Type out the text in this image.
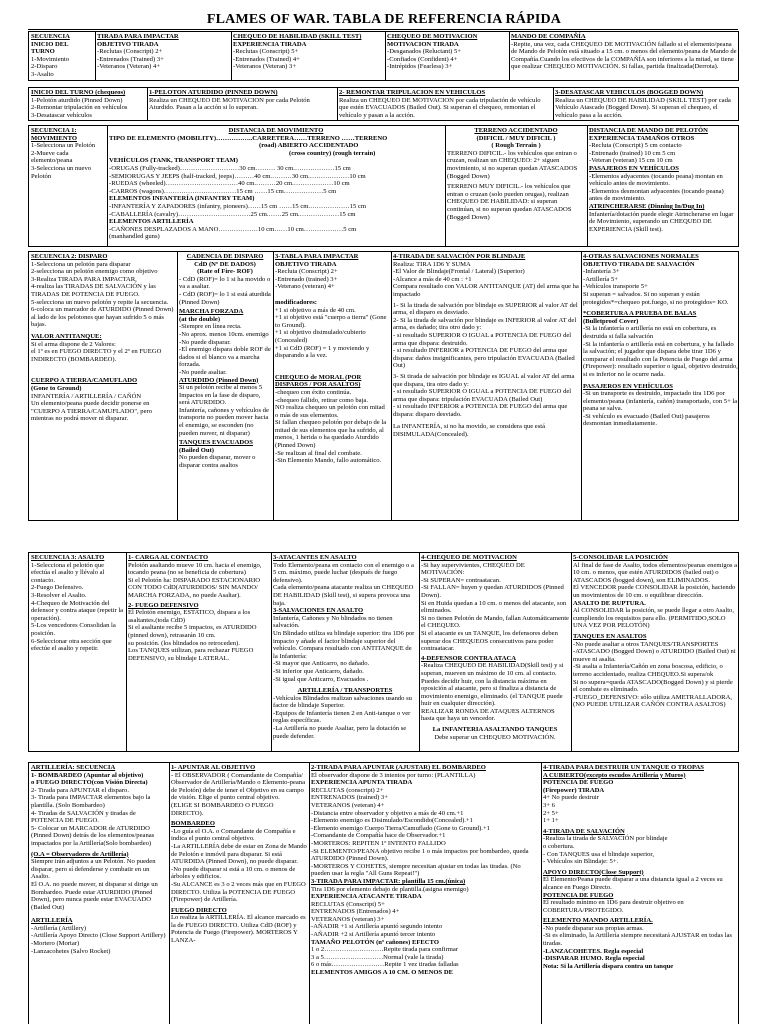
FLAMES OF WAR. TABLA DE REFERENCIA RÁPIDA
SECUENCIA
INICIO DEL
TURNO
1-Movimiento
2-Disparo
3-Asalto
TIRADA PARA IMPACTAR
OBJETIVO TIRADA
-Reclutas (Conscript) 2+
-Entrenados (Trained) 3+
-Veteranos (Veteran) 4+
CHEQUEO DE HABILIDAD (SKILL TEST)
EXPERIENCIA TIRADA
-Reclutas (Conscript) 5+
-Entrenados (Trained) 4+
-Veteranos (Veteran) 3+
CHEQUEO DE MOTIVACION
MOTIVACION TIRADA
-Desganados (Reluctant) 5+
-Confiados (Confident) 4+
-Intrépidos (Fearless) 3+
MANDO DE COMPAÑÍA
-Repite, una vez, cada CHEQUEO DE MOTIVACIÓN fallado si el elemento/peana de Mando de Pelotón está situado a 15 cm. o menos del elemento/peana de Mando de Compañía.Cuando los efectivos de la COMPAÑÍA son inferiores a la mitad, se tiene que realizar CHEQUEO MOTIVACIÓN. Si fallas, partida finalizada(Derrota).
INICIO DEL TURNO (chequeos)
1-Pelotón aturdido (Pinned Down)
2-Remontar tripulación en vehículos
3-Desatascar vehículos
1-PELOTON ATURDIDO (PINNED DOWN)
Realiza un CHEQUEO DE MOTIVACION por cada Pelotón Aturdido. Pasan a la acción si lo superan.
2- REMONTAR TRIPULACION EN VEHICULOS
Realiza un CHEQUEO DE MOTIVACION por cada tripulación de vehículo que estén EVACUADOS (Bailed Out). Si superan el chequeo, remontan el vehículo y pasan a la acción.
3-DESATASCAR VEHICULOS (BOGGED DOWN)
Realiza un CHEQUEO DE HABILIDAD (SKILL TEST) por cada Vehículo Atascado (Bogged Down). Si superan el chequeo, el vehículo pasa a la acción.
SECUENCIA 1:
MOVIMIENTO
1-Selecciona un Pelotón
2-Mueve cada elemento/peana
3-Selecciona un nuevo Pelotón
DISTANCIA DE MOVIMIENTO
TIPO DE ELEMENTO (MOBILITY)……………..CARRETERA……TERRENO ……TERRENO
(road) ABIERTO ACCIDENTADO
(cross country) (rough terrain)
VEHÍCULOS (TANK, TRANSPORT TEAM)
-ORUGAS (Fully-tracked)………………………30 cm……… 30 cm.………………15 cm
-SEMIORUGAS Y JEEPS (half-tracked, jeeps)………40 cm.………30 cm.………………10 cm
-RUEDAS (wheeled)……………………………40 cm.………20 cm.………………10 cm
-CARROS (wagons)……………………………15 cm ……15 cm………………5 cm
ELEMENTOS INFANTERÍA (INFANTRY TEAM)
-INFANTERÍA Y ZAPADORES (infantry, pioneers)……15 cm ……15 cm.………………15 cm
-CABALLERÍA (cavalry)……………………………25 cm.……25 cm.………………15 cm
ELEMENTOS ARTILLERÍA
-CAÑONES DESPLAZADOS A MANO………………10 cm……10 cm………………5 cm
(manhandled guns)
TERRENO ACCIDENTADO
(DIFICIL / MUY DIFICIL )
( Rough Terrain )
TERRENO DIFICIL.- los vehículos que entran o cruzan, realizan un CHEQUEO: 2+ siguen movimiento, si no superan quedan ATASCADOS (Bogged Down)
TERRENO MUY DIFICIL.- los vehículos que entran o cruzan (solo pueden orugas), realizan CHEQUEO DE HABILIDAD: si superan continúan, si no superan quedan ATASCADOS (Bogged Down)
DISTANCIA DE MANDO DE PELOTÓN
EXPERIENCIA TAMAÑOS OTROS
-Recluta (Conscript) 5 cm contacto
-Entrenado (trained) 10 cm 5 cm
-Veteran (veteran) 15 cm 10 cm
PASAJEROS EN VEHÍCULOS
-Elementos adyacentes (tocando peana) montan en vehículo antes de movimiento.
-Elementos desmontan adyacentes (tocando peana) antes de movimiento.
ATRINCHERARSE (Dinning In/Dug In)
Infantería/dotación puede elegir Atrincherarse en lugar de Movimiento, superando un CHEQUEO DE EXPERIENCIA (Skill test).
SECUENCIA 2: DISPARO
1-Selecciona un pelotón para disparar
2-selecciona un pelotón enemigo como objetivo
3-Realiza TIRADA PARA IMPACTAR,
4-realiza las TIRADAS DE SALVACIÓN y las TIRADAS DE POTENCIA DE FUEGO.
5-selecciona un nuevo pelotón y repite la secuencia.
6-coloca un marcador de ATURDIDO (Pinned Down) al lado de los pelotones que hayan sufrido 5 o más bajas.
VALOR ANTITANQUE:
Si el arma dispone de 2 Valores:
el 1º es en FUEGO DIRECTO y el 2º en FUEGO INDIRECTO (BOMBARDEO).
CUERPO A TIERRA/CAMUFLADO
(Gone to Ground)
INFANTERÍA / ARTILLERÍA / CAÑÓN
Un elemento/peana puede decidir ponerse en "CUERPO A TIERRA/CAMUFLADO", pero mientras no podrá mover ni disparar.
CADENCIA DE DISPARO
CdD (Nº DE DADOS)
(Rate of Fire- ROF)
- CdD (ROF)= lo 1 si ha movido o va a asaltar.
- CdD (ROF)= lo 1 si está aturdida (Pinned Down)
MARCHA FORZADA
(at the double)
-Siempre en línea recta.
-No aprox. menos 10cm. enemigo
-No puede disparar.
-El enemigo dispara doble ROF de dados si el blanco va a marcha forzada.
-No puede asaltar.
ATURDIDO (Pinned Down)
Si un pelotón recibe al menos 5 Impactos en la fase de disparo, será ATURDIDO.
Infantería, cañones y vehículos de transporte no pueden mover hacia el enemigo, se esconden (no pueden mover, ni disparar)
TANQUES EVACUADOS
(Bailed Out)
No pueden disparar, mover o disparar contra asaltos
3-TABLA PARA IMPACTAR
OBJETIVO TIRADA
-Recluta (Conscript) 2+
-Entrenado (trained) 3+
-Veterano (veteran) 4+
modificadores:
+1 si objetivo a más de 40 cm.
+1 si objetivo está "cuerpo a tierra" (Gone to Ground).
+1 si objetivo disimulado/cubierto (Concealed)
+1 si CdD (ROF) = 1 y moviendo y disparando a la vez.
CHEQUEO de MORAL (POR DISPAROS / POR ASALTOS)
-chequeo con éxito continúa.
-chequeo fallido, retirar como baja.
NO realiza chequeo un pelotón con mitad o más de sus elementos.
Si fallan chequeo pelotón por debajo de la mitad de sus elementos que ha sufrido, al menos, 1 herida o ha quedado Aturdido (Pinned Down)
-Se realizan al final del combate.
-Sin Elemento Mando, fallo automático.
4-TIRADA DE SALVACIÓN POR BLINDAJE
Realiza: TIRA 1D6 Y SUMA
-El Valor de Blindaje(Frontal / Lateral) (Superior)
-Alcance a más de 40 cm : +1
Compara resultado con VALOR ANTITANQUE (AT) del arma que ha impactado
1- Si la tirada de salvación por blindaje es SUPERIOR al valor AT del arma, el disparo es desviado.
2- Si la tirada de salvación por blindaje es INFERIOR al valor AT del arma, es dañado; tira otro dado y:
- si resultado SUPERIOR O IGUAL a POTENCIA DE FUEGO del arma que dispara: destruido.
- si resultado INFERIOR a POTENCIA DE FUEGO del arma que dispara: daños insignificantes, pero tripulación EVACUADA (Bailed Out)
3- Si tirada de salvación por blindaje es IGUAL al valor AT del arma que dispara, tira otro dado y:
- si resultado SUPERIOR O IGUAL a POTENCIA DE FUEGO del arma que dispara: tripulación EVACUADA (Bailed Out)
- si resultado INFERIOR a POTENCIA DE FUEGO del arma que dispara: disparo desviado.
La INFANTERÍA, si no ha movido, se considera que está DISIMULADA(Concealed).
4-OTRAS SALVACIONES NORMALES
OBJETIVO TIRADA DE SALVACIÓN
-Infantería 3+
-Artillería 5+
-Vehículos transporte 5+
Si superan = salvados. Si no superan y están protegidos*=chequeo pot.fuego, si no protegidos= KO.
*COBERTURA A PRUEBA DE BALAS
(Bulletproof Cover)
-Si la infantería o artillería no está en cobertura, es destruida si falla salvación
-Si la infantería o artillería está en cobertura, y ha fallado la salvación; el jugador que dispara debe tirar 1D6 y comparar el resultado con la Potencia de Fuego del arma (Firepower): resultado superior o igual, objetivo destruido, si es inferior no le ocurre nada.
PASAJEROS EN VEHÍCULOS
-Si un transporte es destruido, impactado tira 1D6 por elemento/peana (infantería, cañón) transportado, con 5+ la peana se salva.
-Si vehículo es evacuado (Bailed Out) pasajeros desmontan inmediatamente.
SECUENCIA 3: ASALTO
1-Selecciona el pelotón que efectúa el asalto y llévalo al contacto.
2-Fuego Defensivo.
3-Resolver el Asalto.
4-Chequeo de Motivación del defensor y contra ataque (repetir la operación).
5-Los vencedores Consolidan la posición.
6-Seleccionar otra sección que efectúe el asalto y repetir.
1- CARGA AL CONTACTO
Pelotón asaltando mueve 10 cm. hacia el enemigo, tocando peana (no se beneficia de cobertura)
Si el Pelotón ha: DISPARADO ESTACIONARIO CON TODO CdD(ATURDIDOS/ SIN MANDO/ MARCHA FORZADA, no puede Asaltar).
2- FUEGO DEFENSIVO
El Pelotón enemigo, ESTATICO, dispara a los asaltantes.(toda CdD)
Si el asaltante recibe 5 impactos, es ATURDIDO (pinned down), retrasarán 10 cm.
su posición. (los blindados no retroceden).
Los TANQUES utilizan, para rechazar FUEGO DEFENSIVO, su blindaje LATERAL.
3-ATACANTES EN ASALTO
Todo Elemento/peana en contacto con el enemigo o a 5 cm. máximo, puede luchar (después de fuego defensivo).
Cada elemento/peana atacante realiza un CHEQUEO DE HABILIDAD (Skill test), si supera provoca una baja.
3-SALVACIONES EN ASALTO
Infantería, Cañones y No blindados no tienen salvación.
Un Blindado utiliza su blindaje superior: tira 1D6 por impacto y añade el factor blindaje superior del vehículo. Compara resultado con ANTITANQUE de la Infantería:
-Si mayor que Anticarro, no dañado.
-Si inferior que Anticarro, dañado.
-Si igual que Anticarro, Evacuados .
ARTILLERÍA / TRANSPORTES
-Vehículos Blindados realizan salvaciones usando su factor de blindaje Superior.
-Equipos de Infantería tienen 2 en Anti-tanque o ver reglas específicas.
-La Artillería no puede Asaltar, pero la dotación se puede defender.
4-CHEQUEO DE MOTIVACION
-Si hay supervivientes, CHEQUEO DE MOTIVACIÓN:
-Si SUPERAN= contraatacan.
-Si FALLAN= huyen y quedan ATURDIDOS (Pinned Down).
Si en Huida quedan a 10 cm. o menos del atacante, son eliminados.
Si no tienen Pelotón de Mando, fallan Automáticamente el CHEQUEO.
Si el atacante es un TANQUE, los defensores deben superar dos CHEQUEOS consecutivos para poder contraatacar.
4-DEFENSOR CONTRA ATACA
-Realiza CHEQUEO DE HABILIDAD(Skill test) y si superan, mueven un máximo de 10 cm. al contacto. Puedes decidir huir, con la distancia máxima en oposición al atacante, pero si finaliza a distancia de movimiento enemigo, eliminado. (el TANQUE puede huir en cualquier dirección).
REALIZAR RONDA DE ATAQUES ALTERNOS hasta que haya un vencedor.
La INFANTERIA ASALTANDO TANQUES
Debe superar un CHEQUEO MOTIVACIÓN.
5-CONSOLIDAR LA POSICIÓN
Al final de fase de Asalto, todos elementos/peanas enemigos a 10 cm. o menos, que estén ATURDIDOS (bailed out) o ATASCADOS (bogged down), son ELIMINADOS.
El VENCEDOR puede CONSOLIDAR la posición, haciendo un movimientos de 10 cm. o equilibrar dirección.
ASALTO DE RUPTURA.
Al CONSOLIDAR la posición, se puede llegar a otro Asalto, cumpliendo los requisitos para ello. (PERMITIDO,SOLO UNA VEZ POR PELOTÓN)
TANQUES EN ASALTOS
-No puede asaltar a otros TANQUES/TRANSPORTES
-ATASCADO (Bogged Down) o ATURDIDO (Bailed Out) ni mueve ni asalta.
-Si asalta a Infantería/Cañón en zona boscosa, edificio, o terreno accidentado, realiza CHEQUEO.Si supera/ok
Si no supera=queda ATASCADO(Bogged Down) y si pierde el combate es eliminado.
-FUEGO_DEFENSIVO: sólo utiliza AMETRALLADORA,
(NO PUEDE UTILIZAR CAÑÓN CONTRA ASALTOS)
ARTILLERÍA: SECUENCIA
1- BOMBARDEO (Apuntar al objetivo)
o FUEGO DIRECTO(con Visión Directa)
2- Tirada para APUNTAR el disparo.
3- Tirada para IMPACTAR elementos bajo la plantilla. (Solo Bombardeo)
4- Tiradas de SALVACIÓN y tiradas de POTENCIA DE FUEGO.
5- Colocar un MARCADOR de ATURDIDO (Pinned Down) detrás de los elementos/peanas impactados por la Artillería(Solo bombardeo)
(O.A = Observadores de Artillería)
Siempre irán adjuntos a un Pelotón. No pueden disparar, pero sí defenderse y combatir en un Asalto.
El O.A. no puede mover, ni disparar si dirige un Bombardeo. Puede estar ATURDIDO (Pinned Down), pero nunca puede estar EVACUADO (Bailed Out)
ARTILLERÍA
-Artillería (Artillery)
-Artillería Apoyo Directo (Close Support Artillery)
-Mortero (Mortar)
-Lanzacohetes (Salvo Rocket)
1- APUNTAR AL OBJETIVO
- El OBSERVADOR ( Comandante de Compañía/ Observador de Artillería/Mando o Elemento-peana de Pelotón) debe de tener el Objetivo en su campo de visión. Elige el punto central objetivo.
(ELIGE SI BOMBARDEO O FUEGO DIRECTO).
BOMBARDEO
-Lo guía el O.A. o Comandante de Compañía e indica el punto central objetivo.
-La ARTILLERÍA debe de estar en Zona de Mando de Pelotón e inmóvil para disparar. Si está ATURDIDA (Pinned Down), no puede disparar.
-No puede disparar si está a 10 cm. o menos de árboles y edificios.
-Su ALCANCE es 3 o 2 veces más que en FUEGO DIRECTO. Utiliza la POTENCIA DE FUEGO (Firepower) de Artillería.
FUEGO DIRECTO
Lo realiza la ARTILLERÍA. El alcance marcado es la de FUEGO DIRECTO. Utiliza CdD (ROF) y Potencia de Fuego (Firepower). MORTEROS Y LANZA-
2-TIRADA PARA APUNTAR (AJUSTAR) EL BOMBARDEO
El observador dispone de 3 intentos por turno: (PLANTILLA)
EXPERIENCIA APUNTA TIRADA
RECLUTAS (conscript) 2+
ENTRENADOS (trained) 3+
VETERANOS (veteran) 4+
-Distancia entre observador y objetivo a más de 40 cm.+1
-Elemento enemigo es Disimulado/Escondido(Concealed).+1
-Elemento enemigo Cuerpo Tierra/Camuflado (Gone to Ground).+1
-Comandante de Compañía hace de Observador.+1
-MORTEROS: REPITEN 1º INTENTO FALLIDO
-Si ELEMENTO/PEANA objetivo recibe 1 o más impactos por bombardeo, queda ATURDIDO (Pinned Down).
-MORTEROS Y COHETES, siempre necesitan ajustar en todas las tiradas. (No pueden usar la regla "All Guns Repeat!")
3-TIRADA PARA IMPACTAR: plantilla 15 cm.(única)
Tira 1D6 por elemento debajo de plantilla.(asigna enemigo)
EXPERIENCIA ATACANTE TIRADA
RECLUTAS (Conscript) 5+
ENTRENADOS (Entrenados) 4+
VETERANOS (veteran) 3+
-AÑADIR +1 si Artillería apuntó segundo intento
-AÑADIR +2 si Artillería apuntó tercer intento
TAMAÑO PELOTÓN (nº cañones) EFECTO
1 o 2………………………Repite tirada para confirmar
3 a 5………………………Normal (vale la tirada)
6 o más……………………Repite 1 vez tiradas falladas
ELEMENTOS AMIGOS A 10 CM. O MENOS DE
4-TIRADA PARA DESTRUIR UN TANQUE O TROPAS
A CUBIERTO(excepto escudos Artillería y Muros)
POTENCIA DE FUEGO
(Firepower) TIRADA
4+ No puede destruir
3+ 6
2+ 5+
1+ 1+
4-TIRADA DE SALVACIÓN
-Realiza la tirada de SALVACIÓN por blindaje
o cobertura.
- Con TANQUES usa el blindaje superior,
- Vehículos sin Blindaje: 5+.
APOYO DIRECTO(Close Support)
El Elemento/Peana puede disparar a una distancia igual a 2 veces su alcance en Fuego Directo.
POTENCIA DE FUEGO
El resultado mínimo en 1D6 para destruir objetivo en COBERTURA/PROTEGIDO.
ELEMENTO MANDO ARTILLERÍA.
-No puede disparar sus propias armas.
-Si es eliminado, la Artillería siempre necesitará AJUSTAR en todas las tiradas.
-LANZACOHETES. Regla especial
-DISPARAR HUMO. Regla especial
Nota: Si la Artillería dispara contra un tanque
